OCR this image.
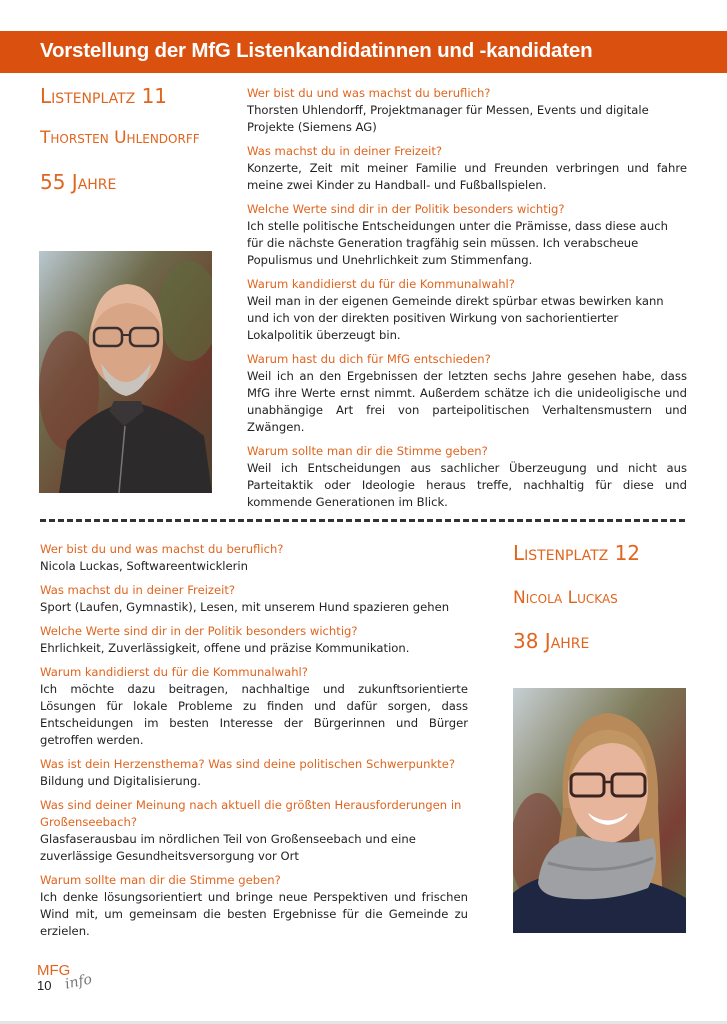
Vorstellung der MfG Listenkandidatinnen und -kandidaten
Listenplatz 11
Thorsten Uhlendorff
55 Jahre

Wer bist du und was machst du beruflich?

Thorsten Uhlendorff, Projektmanager für Messen, Events und digitale Projekte (Siemens AG)

Was machst du in deiner Freizeit?

Konzerte, Zeit mit meiner Familie und Freunden verbringen und fahre meine zwei Kinder zu Handball- und Fußballspielen.

Welche Werte sind dir in der Politik besonders wichtig?

Ich stelle politische Entscheidungen unter die Prämisse, dass diese auch für die nächste Generation tragfähig sein müssen. Ich verabscheue Populismus und Unehrlichkeit zum Stimmenfang.

Warum kandidierst du für die Kommunalwahl?

Weil man in der eigenen Gemeinde direkt spürbar etwas bewirken kann und ich von der direkten positiven Wirkung von sachorientierter Lokalpolitik überzeugt bin.

Warum hast du dich für MfG entschieden?

Weil ich an den Ergebnissen der letzten sechs Jahre gesehen habe, dass MfG ihre Werte ernst nimmt. Außerdem schätze ich die unideoligische und unabhängige Art frei von parteipolitischen Verhaltensmustern und Zwängen.

Warum sollte man dir die Stimme geben?

Weil ich Entscheidungen aus sachlicher Überzeugung und nicht aus Parteitaktik oder Ideologie heraus treffe, nachhaltig für diese und kommende Generationen im Blick.

Wer bist du und was machst du beruflich?

Nicola Luckas, Softwareentwicklerin

Was machst du in deiner Freizeit?

Sport (Laufen, Gymnastik), Lesen, mit unserem Hund spazieren gehen

Welche Werte sind dir in der Politik besonders wichtig?

Ehrlichkeit, Zuverlässigkeit, offene und präzise Kommunikation.

Warum kandidierst du für die Kommunalwahl?

Ich möchte dazu beitragen, nachhaltige und zukunftsorientierte Lösungen für lokale Probleme zu finden und dafür sorgen, dass Entscheidungen im besten Interesse der Bürgerinnen und Bürger getroffen werden.

Was ist dein Herzensthema? Was sind deine politischen Schwerpunkte?

Bildung und Digitalisierung.

Was sind deiner Meinung nach aktuell die größten Herausforderungen in Großenseebach?

Glasfaserausbau im nördlichen Teil von Großenseebach und eine zuverlässige Gesundheitsversorgung vor Ort

Warum sollte man dir die Stimme geben?

Ich denke lösungsorientiert und bringe neue Perspektiven und frischen Wind mit, um gemeinsam die besten Ergebnisse für die Gemeinde zu erzielen.

Listenplatz 12
Nicola Luckas
38 Jahre
MFG
10 info
